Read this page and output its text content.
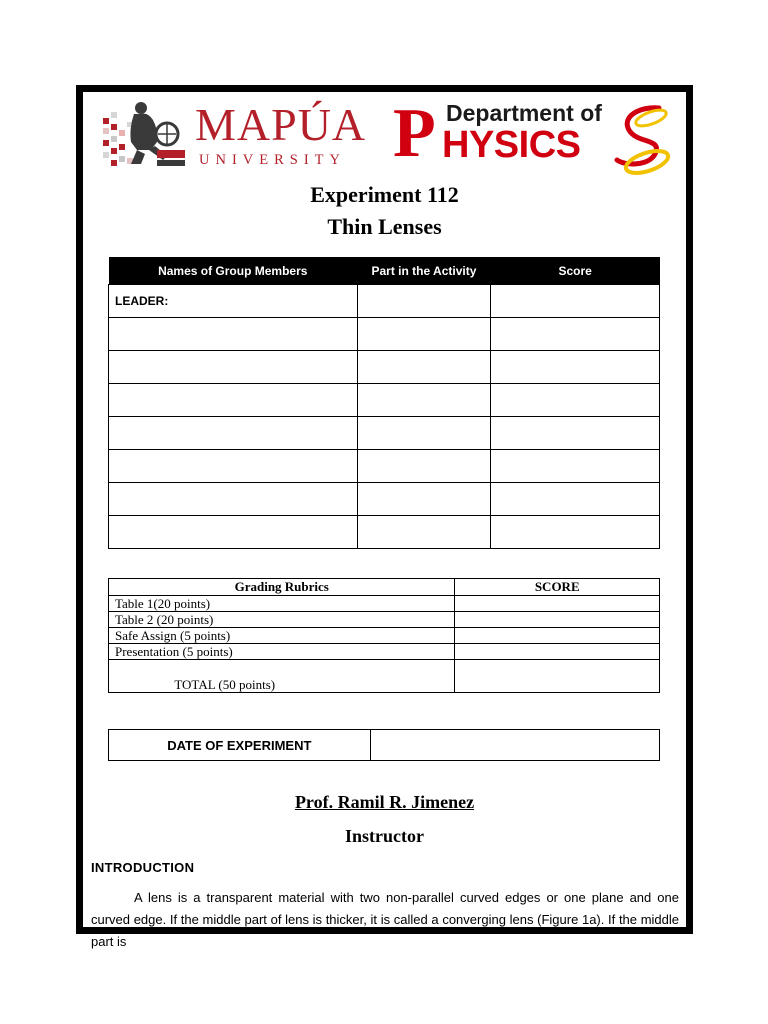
MAPÚA
UNIVERSITY P Department of
HYSICS
Experiment 112
Thin Lenses
Names of Group Members	Part in the Activity	Score
LEADER:		

Grading Rubrics	SCORE
Table 1(20 points)	
Table 2 (20 points)	
Safe Assign (5 points)	
Presentation (5 points)	
TOTAL (50 points)	
DATE OF EXPERIMENT	
Prof. Ramil R. Jimenez
Instructor
INTRODUCTION
A lens is a transparent material with two non-parallel curved edges or one plane and one curved edge. If the middle part of lens is thicker, it is called a converging lens (Figure 1a). If the middle part is
